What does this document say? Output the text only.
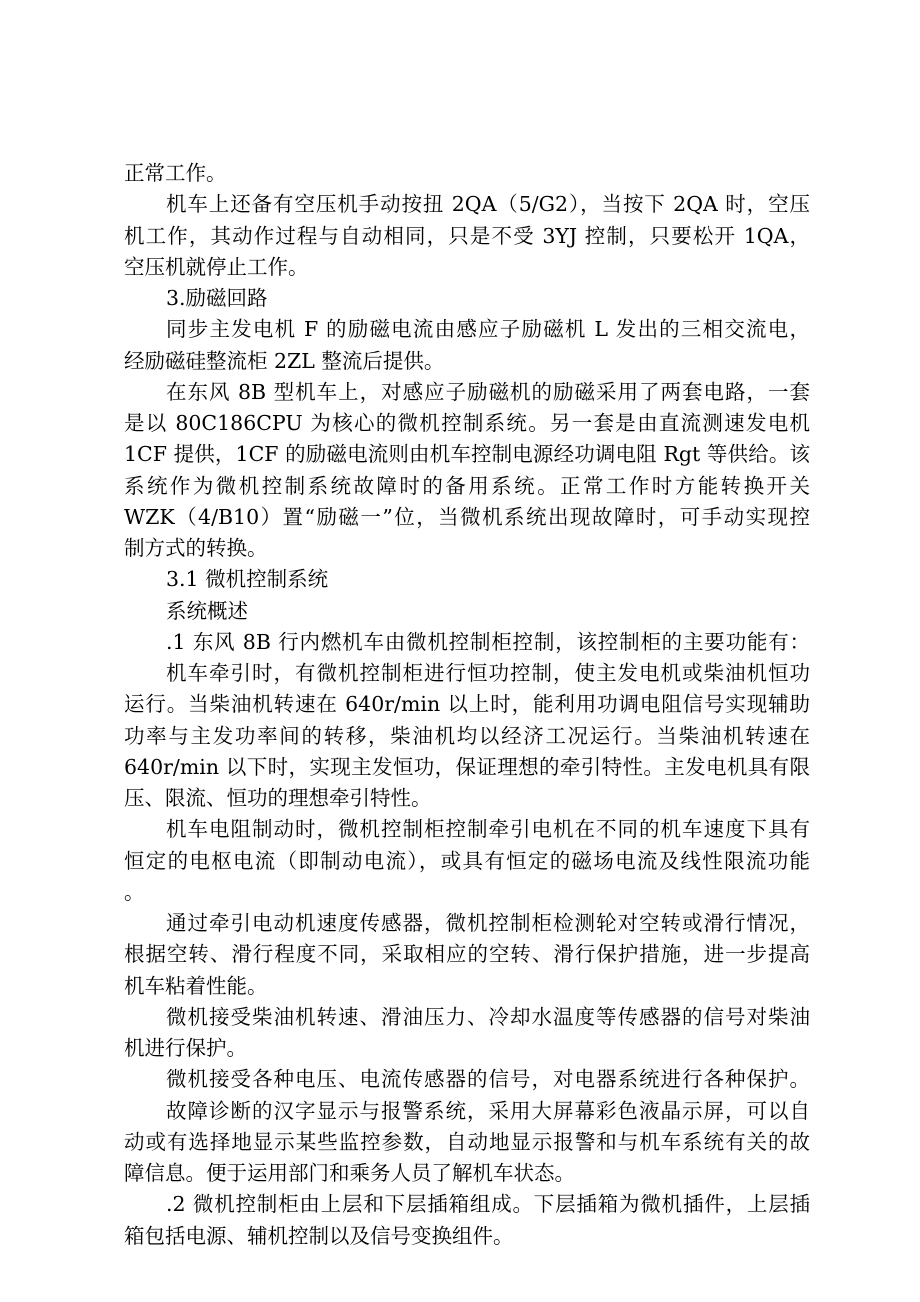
正常工作。
机车上还备有空压机手动按扭 2QA（5/G2），当按下 2QA 时，空压
机工作，其动作过程与自动相同，只是不受 3YJ 控制，只要松开 1QA，
空压机就停止工作。
3.励磁回路
同步主发电机 F 的励磁电流由感应子励磁机 L 发出的三相交流电，
经励磁硅整流柜 2ZL 整流后提供。
在东风 8B 型机车上，对感应子励磁机的励磁采用了两套电路，一套
是以 80C186CPU 为核心的微机控制系统。另一套是由直流测速发电机
1CF 提供，1CF 的励磁电流则由机车控制电源经功调电阻 Rgt 等供给。该
系统作为微机控制系统故障时的备用系统。正常工作时方能转换开关
WZK（4/B10）置“励磁一”位，当微机系统出现故障时，可手动实现控
制方式的转换。
3.1 微机控制系统
系统概述
.1 东风 8B 行内燃机车由微机控制柜控制，该控制柜的主要功能有：
机车牵引时，有微机控制柜进行恒功控制，使主发电机或柴油机恒功
运行。当柴油机转速在 640r/min 以上时，能利用功调电阻信号实现辅助
功率与主发功率间的转移，柴油机均以经济工况运行。当柴油机转速在
640r/min 以下时，实现主发恒功，保证理想的牵引特性。主发电机具有限
压、限流、恒功的理想牵引特性。
机车电阻制动时，微机控制柜控制牵引电机在不同的机车速度下具有
恒定的电枢电流（即制动电流），或具有恒定的磁场电流及线性限流功能
。
通过牵引电动机速度传感器，微机控制柜检测轮对空转或滑行情况，
根据空转、滑行程度不同，采取相应的空转、滑行保护措施，进一步提高
机车粘着性能。
微机接受柴油机转速、滑油压力、冷却水温度等传感器的信号对柴油
机进行保护。
微机接受各种电压、电流传感器的信号，对电器系统进行各种保护。
故障诊断的汉字显示与报警系统，采用大屏幕彩色液晶示屏，可以自
动或有选择地显示某些监控参数，自动地显示报警和与机车系统有关的故
障信息。便于运用部门和乘务人员了解机车状态。
.2 微机控制柜由上层和下层插箱组成。下层插箱为微机插件，上层插
箱包括电源、辅机控制以及信号变换组件。
